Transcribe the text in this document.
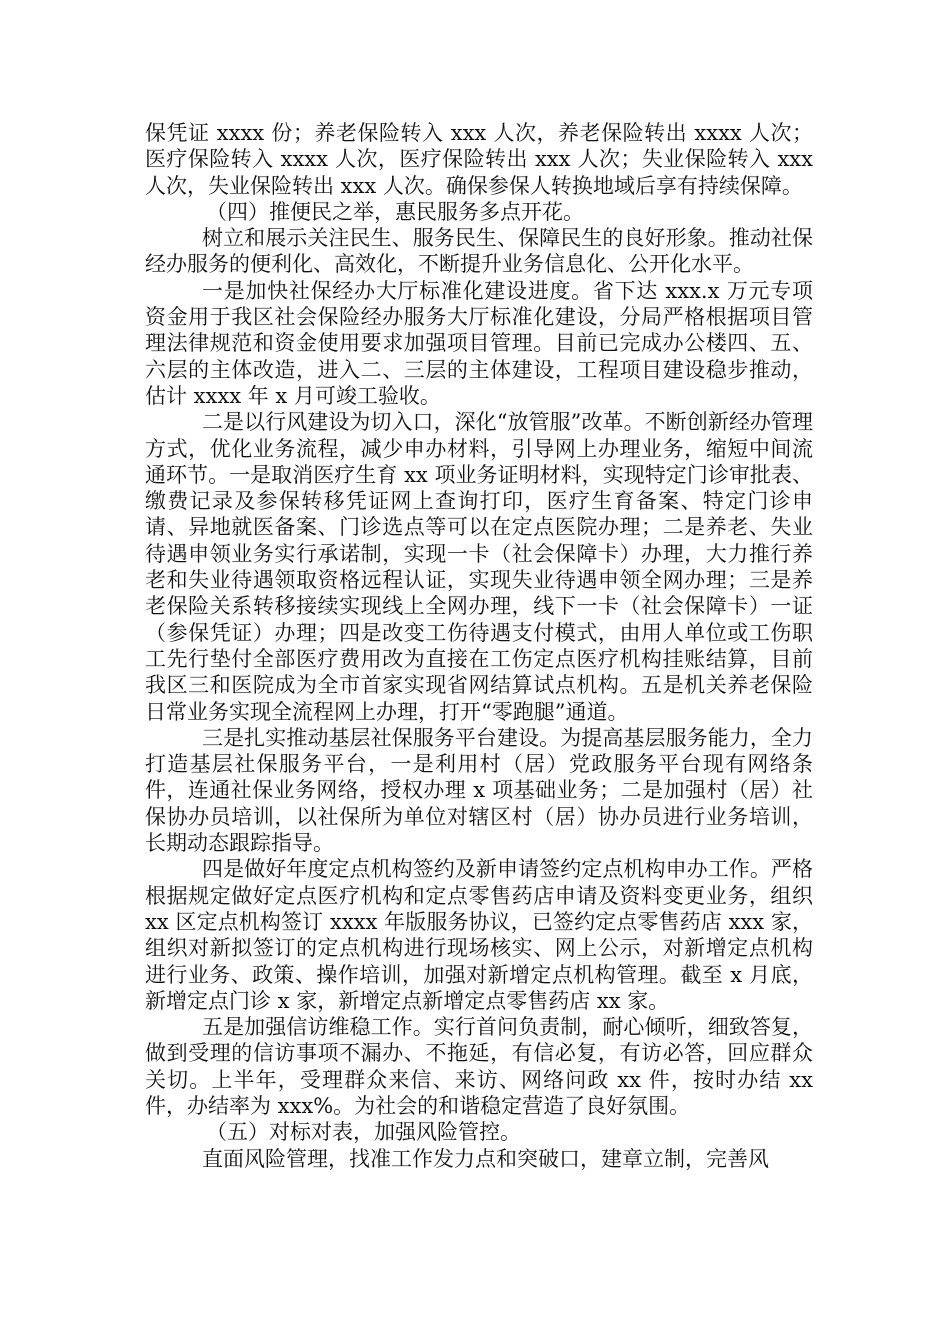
保凭证 xxxx 份；养老保险转入 xxx 人次，养老保险转出 xxxx 人次；医疗保险转入 xxxx 人次，医疗保险转出 xxx 人次；失业保险转入 xxx 人次，失业保险转出 xxx 人次。确保参保人转换地域后享有持续保障。

（四）推便民之举，惠民服务多点开花。

树立和展示关注民生、服务民生、保障民生的良好形象。推动社保经办服务的便利化、高效化，不断提升业务信息化、公开化水平。

一是加快社保经办大厅标准化建设进度。省下达 xxx.x 万元专项资金用于我区社会保险经办服务大厅标准化建设，分局严格根据项目管理法律规范和资金使用要求加强项目管理。目前已完成办公楼四、五、六层的主体改造，进入二、三层的主体建设，工程项目建设稳步推动，估计 xxxx 年 x 月可竣工验收。

二是以行风建设为切入口，深化“放管服”改革。不断创新经办管理方式，优化业务流程，减少申办材料，引导网上办理业务，缩短中间流通环节。一是取消医疗生育 xx 项业务证明材料，实现特定门诊审批表、缴费记录及参保转移凭证网上查询打印，医疗生育备案、特定门诊申请、异地就医备案、门诊选点等可以在定点医院办理；二是养老、失业待遇申领业务实行承诺制，实现一卡（社会保障卡）办理，大力推行养老和失业待遇领取资格远程认证，实现失业待遇申领全网办理；三是养老保险关系转移接续实现线上全网办理，线下一卡（社会保障卡）一证（参保凭证）办理；四是改变工伤待遇支付模式，由用人单位或工伤职工先行垫付全部医疗费用改为直接在工伤定点医疗机构挂账结算，目前我区三和医院成为全市首家实现省网结算试点机构。五是机关养老保险日常业务实现全流程网上办理，打开“零跑腿”通道。

三是扎实推动基层社保服务平台建设。为提高基层服务能力，全力打造基层社保服务平台，一是利用村（居）党政服务平台现有网络条件，连通社保业务网络，授权办理 x 项基础业务；二是加强村（居）社保协办员培训，以社保所为单位对辖区村（居）协办员进行业务培训，长期动态跟踪指导。

四是做好年度定点机构签约及新申请签约定点机构申办工作。严格根据规定做好定点医疗机构和定点零售药店申请及资料变更业务，组织 xx 区定点机构签订 xxxx 年版服务协议，已签约定点零售药店 xxx 家，组织对新拟签订的定点机构进行现场核实、网上公示，对新增定点机构进行业务、政策、操作培训，加强对新增定点机构管理。截至 x 月底，新增定点门诊 x 家，新增定点新增定点零售药店 xx 家。

五是加强信访维稳工作。实行首问负责制，耐心倾听，细致答复，做到受理的信访事项不漏办、不拖延，有信必复，有访必答，回应群众关切。上半年，受理群众来信、来访、网络问政 xx 件，按时办结 xx 件，办结率为 xxx%。为社会的和谐稳定营造了良好氛围。

（五）对标对表，加强风险管控。

直面风险管理，找准工作发力点和突破口，建章立制，完善风
